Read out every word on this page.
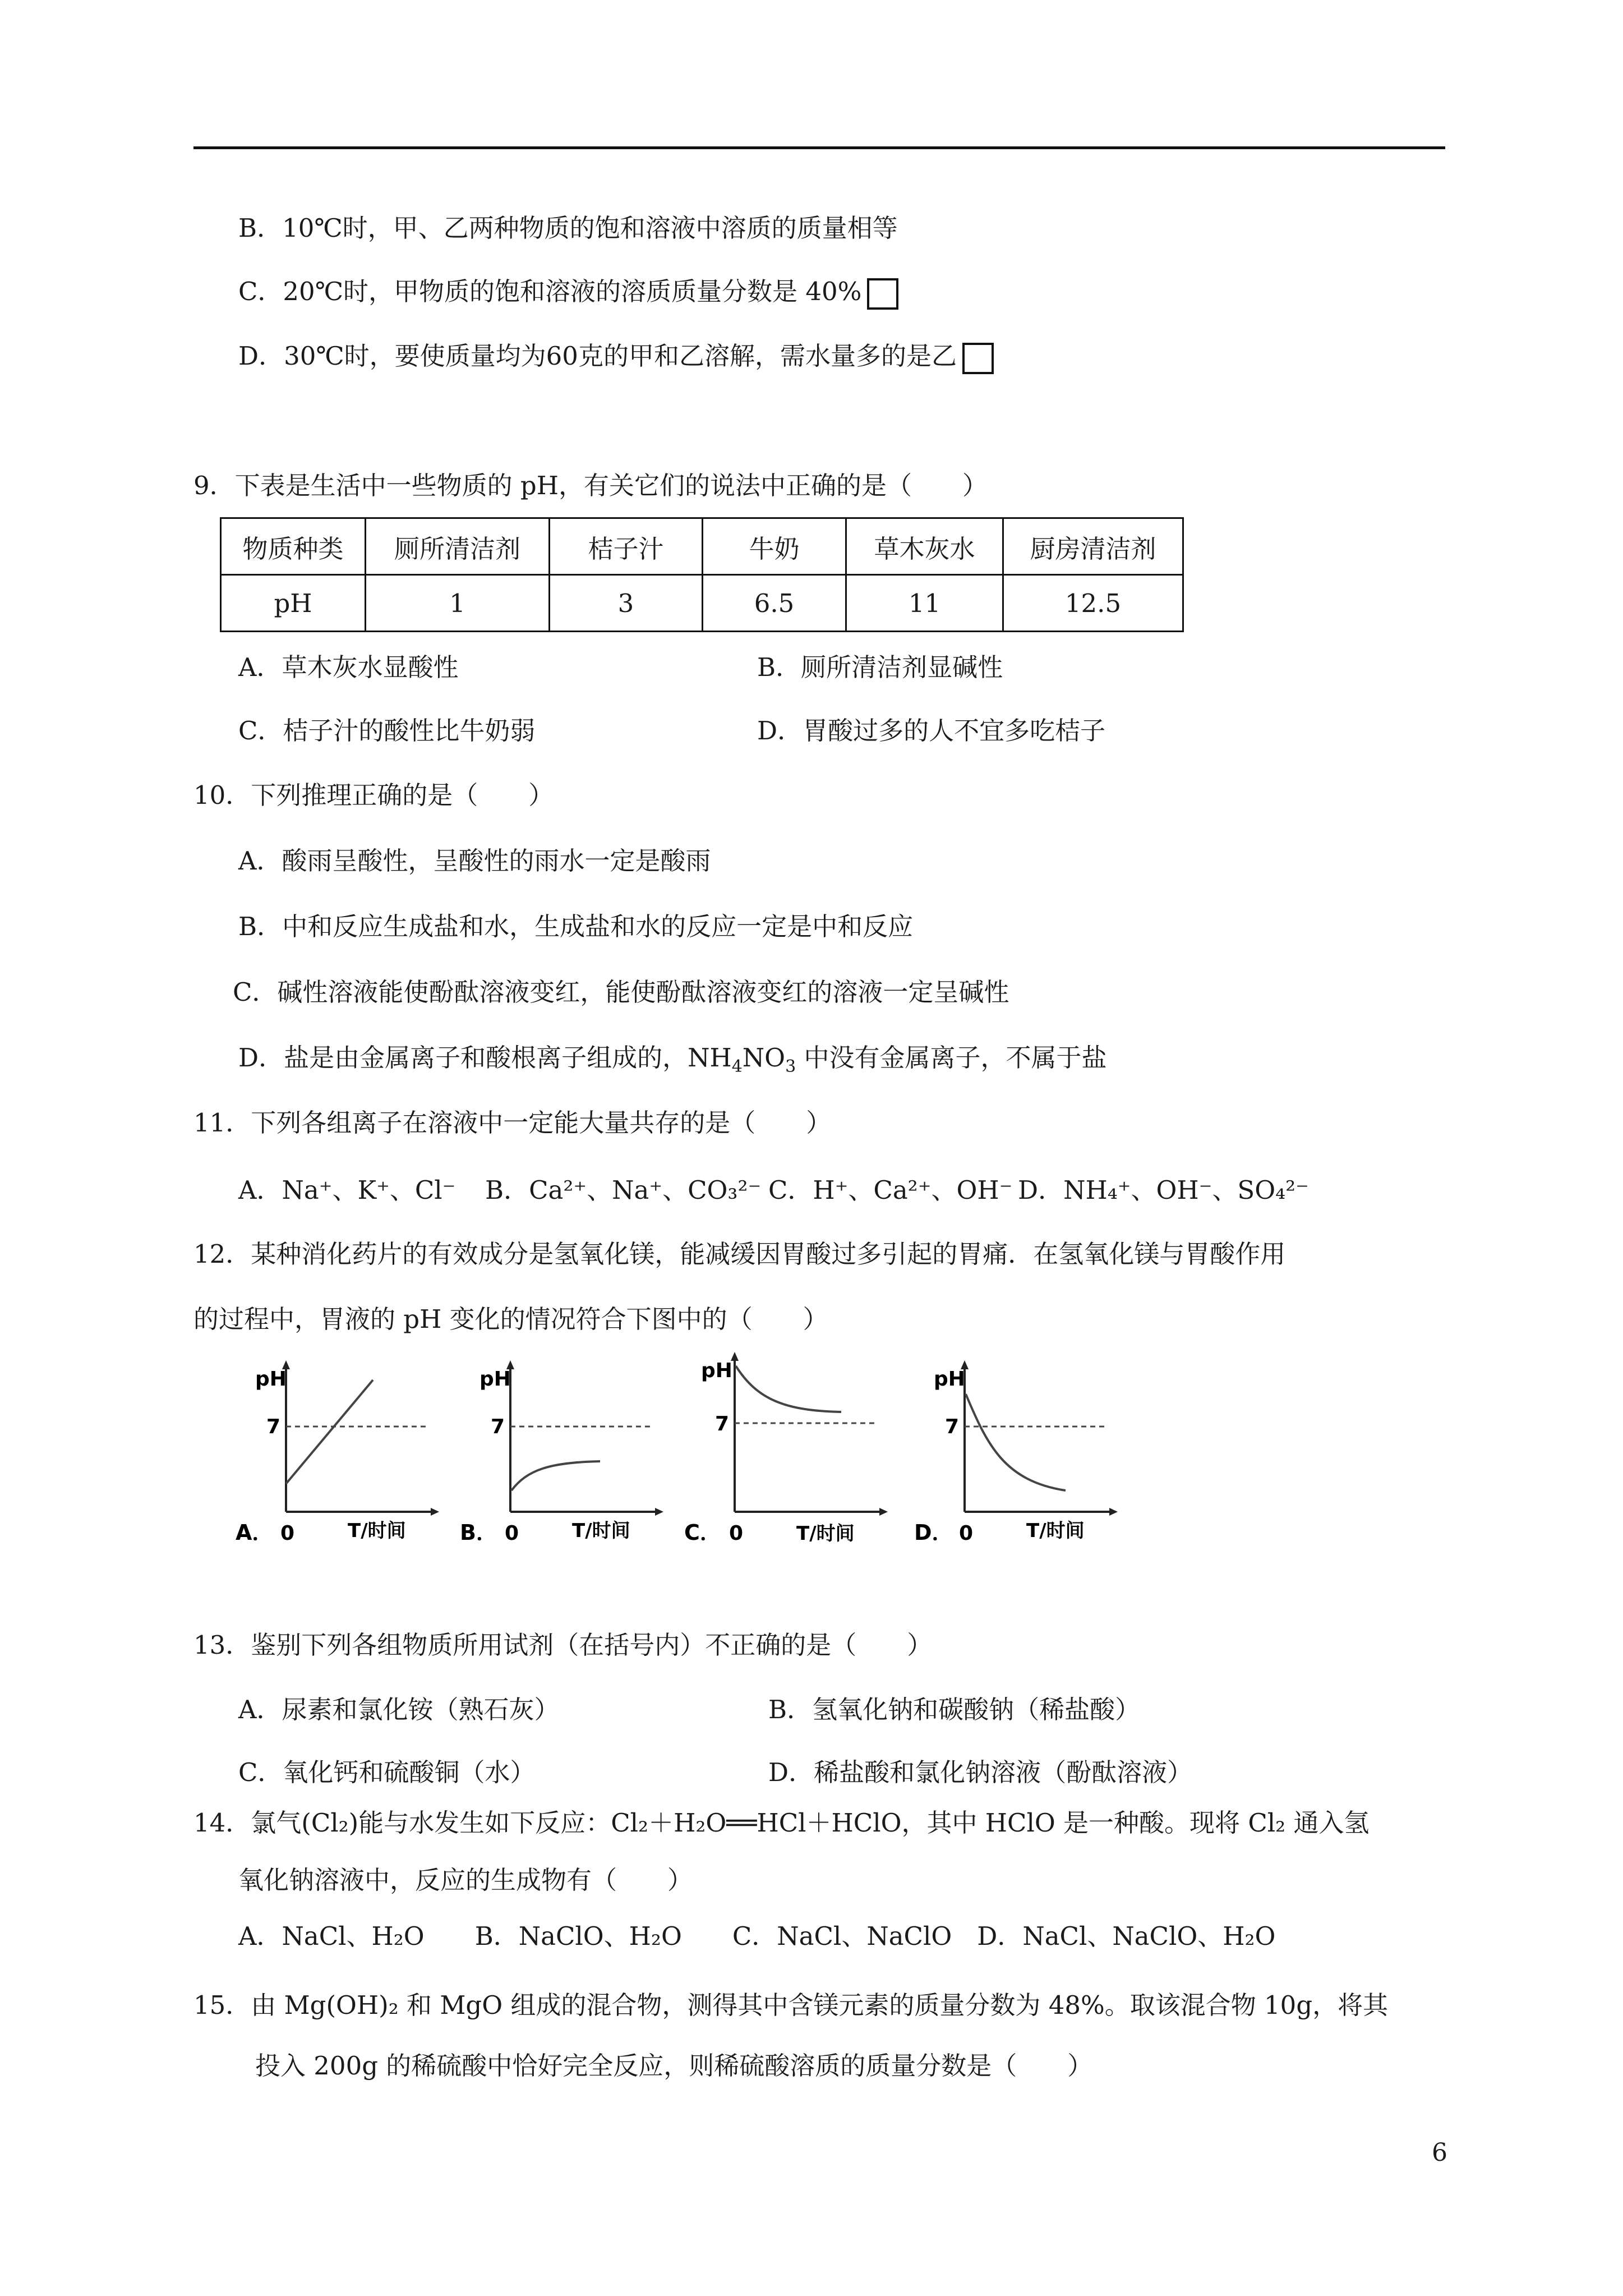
B．10℃时，甲、乙两种物质的饱和溶液中溶质的质量相等
C．20℃时，甲物质的饱和溶液的溶质质量分数是 40%
D．30℃时，要使质量均为60克的甲和乙溶解，需水量多的是乙
9．下表是生活中一些物质的 pH，有关它们的说法中正确的是（　　）
物质种类	厕所清洁剂	桔子汁	牛奶	草木灰水	厨房清洁剂
pH	1	3	6.5	11	12.5
A．草木灰水显酸性	B．厕所清洁剂显碱性
C．桔子汁的酸性比牛奶弱	D．胃酸过多的人不宜多吃桔子
10．下列推理正确的是（　　）
A．酸雨呈酸性，呈酸性的雨水一定是酸雨
B．中和反应生成盐和水，生成盐和水的反应一定是中和反应
C．碱性溶液能使酚酞溶液变红，能使酚酞溶液变红的溶液一定呈碱性
D．盐是由金属离子和酸根离子组成的，$NH_4NO_3$ 中没有金属离子，不属于盐
11．下列各组离子在溶液中一定能大量共存的是（　　）
A．Na⁺、K⁺、Cl⁻ B．Ca²⁺、Na⁺、CO₃²⁻ C．H⁺、Ca²⁺、OH⁻ D．NH₄⁺、OH⁻、SO₄²⁻
12．某种消化药片的有效成分是氢氧化镁，能减缓因胃酸过多引起的胃痛．在氢氧化镁与胃酸作用
的过程中，胃液的 pH 变化的情况符合下图中的（　　）
pH
7
A． 0	T/时间
pH
7
B． 0	T/时间
pH
7
C． 0	T/时间
pH
7
D． 0	T/时间
13．鉴别下列各组物质所用试剂（在括号内）不正确的是（　　）
A．尿素和氯化铵（熟石灰）	B．氢氧化钠和碳酸钠（稀盐酸）
C．氧化钙和硫酸铜（水）	D．稀盐酸和氯化钠溶液（酚酞溶液）
14．氯气(Cl₂)能与水发生如下反应：Cl₂＋H₂O══HCl＋HClO，其中 HClO 是一种酸。现将 Cl₂ 通入氢
氧化钠溶液中，反应的生成物有（　　）
A．NaCl、H₂O　　B．NaClO、H₂O　　C．NaCl、NaClO　D．NaCl、NaClO、H₂O
15．由 Mg(OH)₂ 和 MgO 组成的混合物，测得其中含镁元素的质量分数为 48%。取该混合物 10g，将其
投入 200g 的稀硫酸中恰好完全反应，则稀硫酸溶质的质量分数是（　　）
6
